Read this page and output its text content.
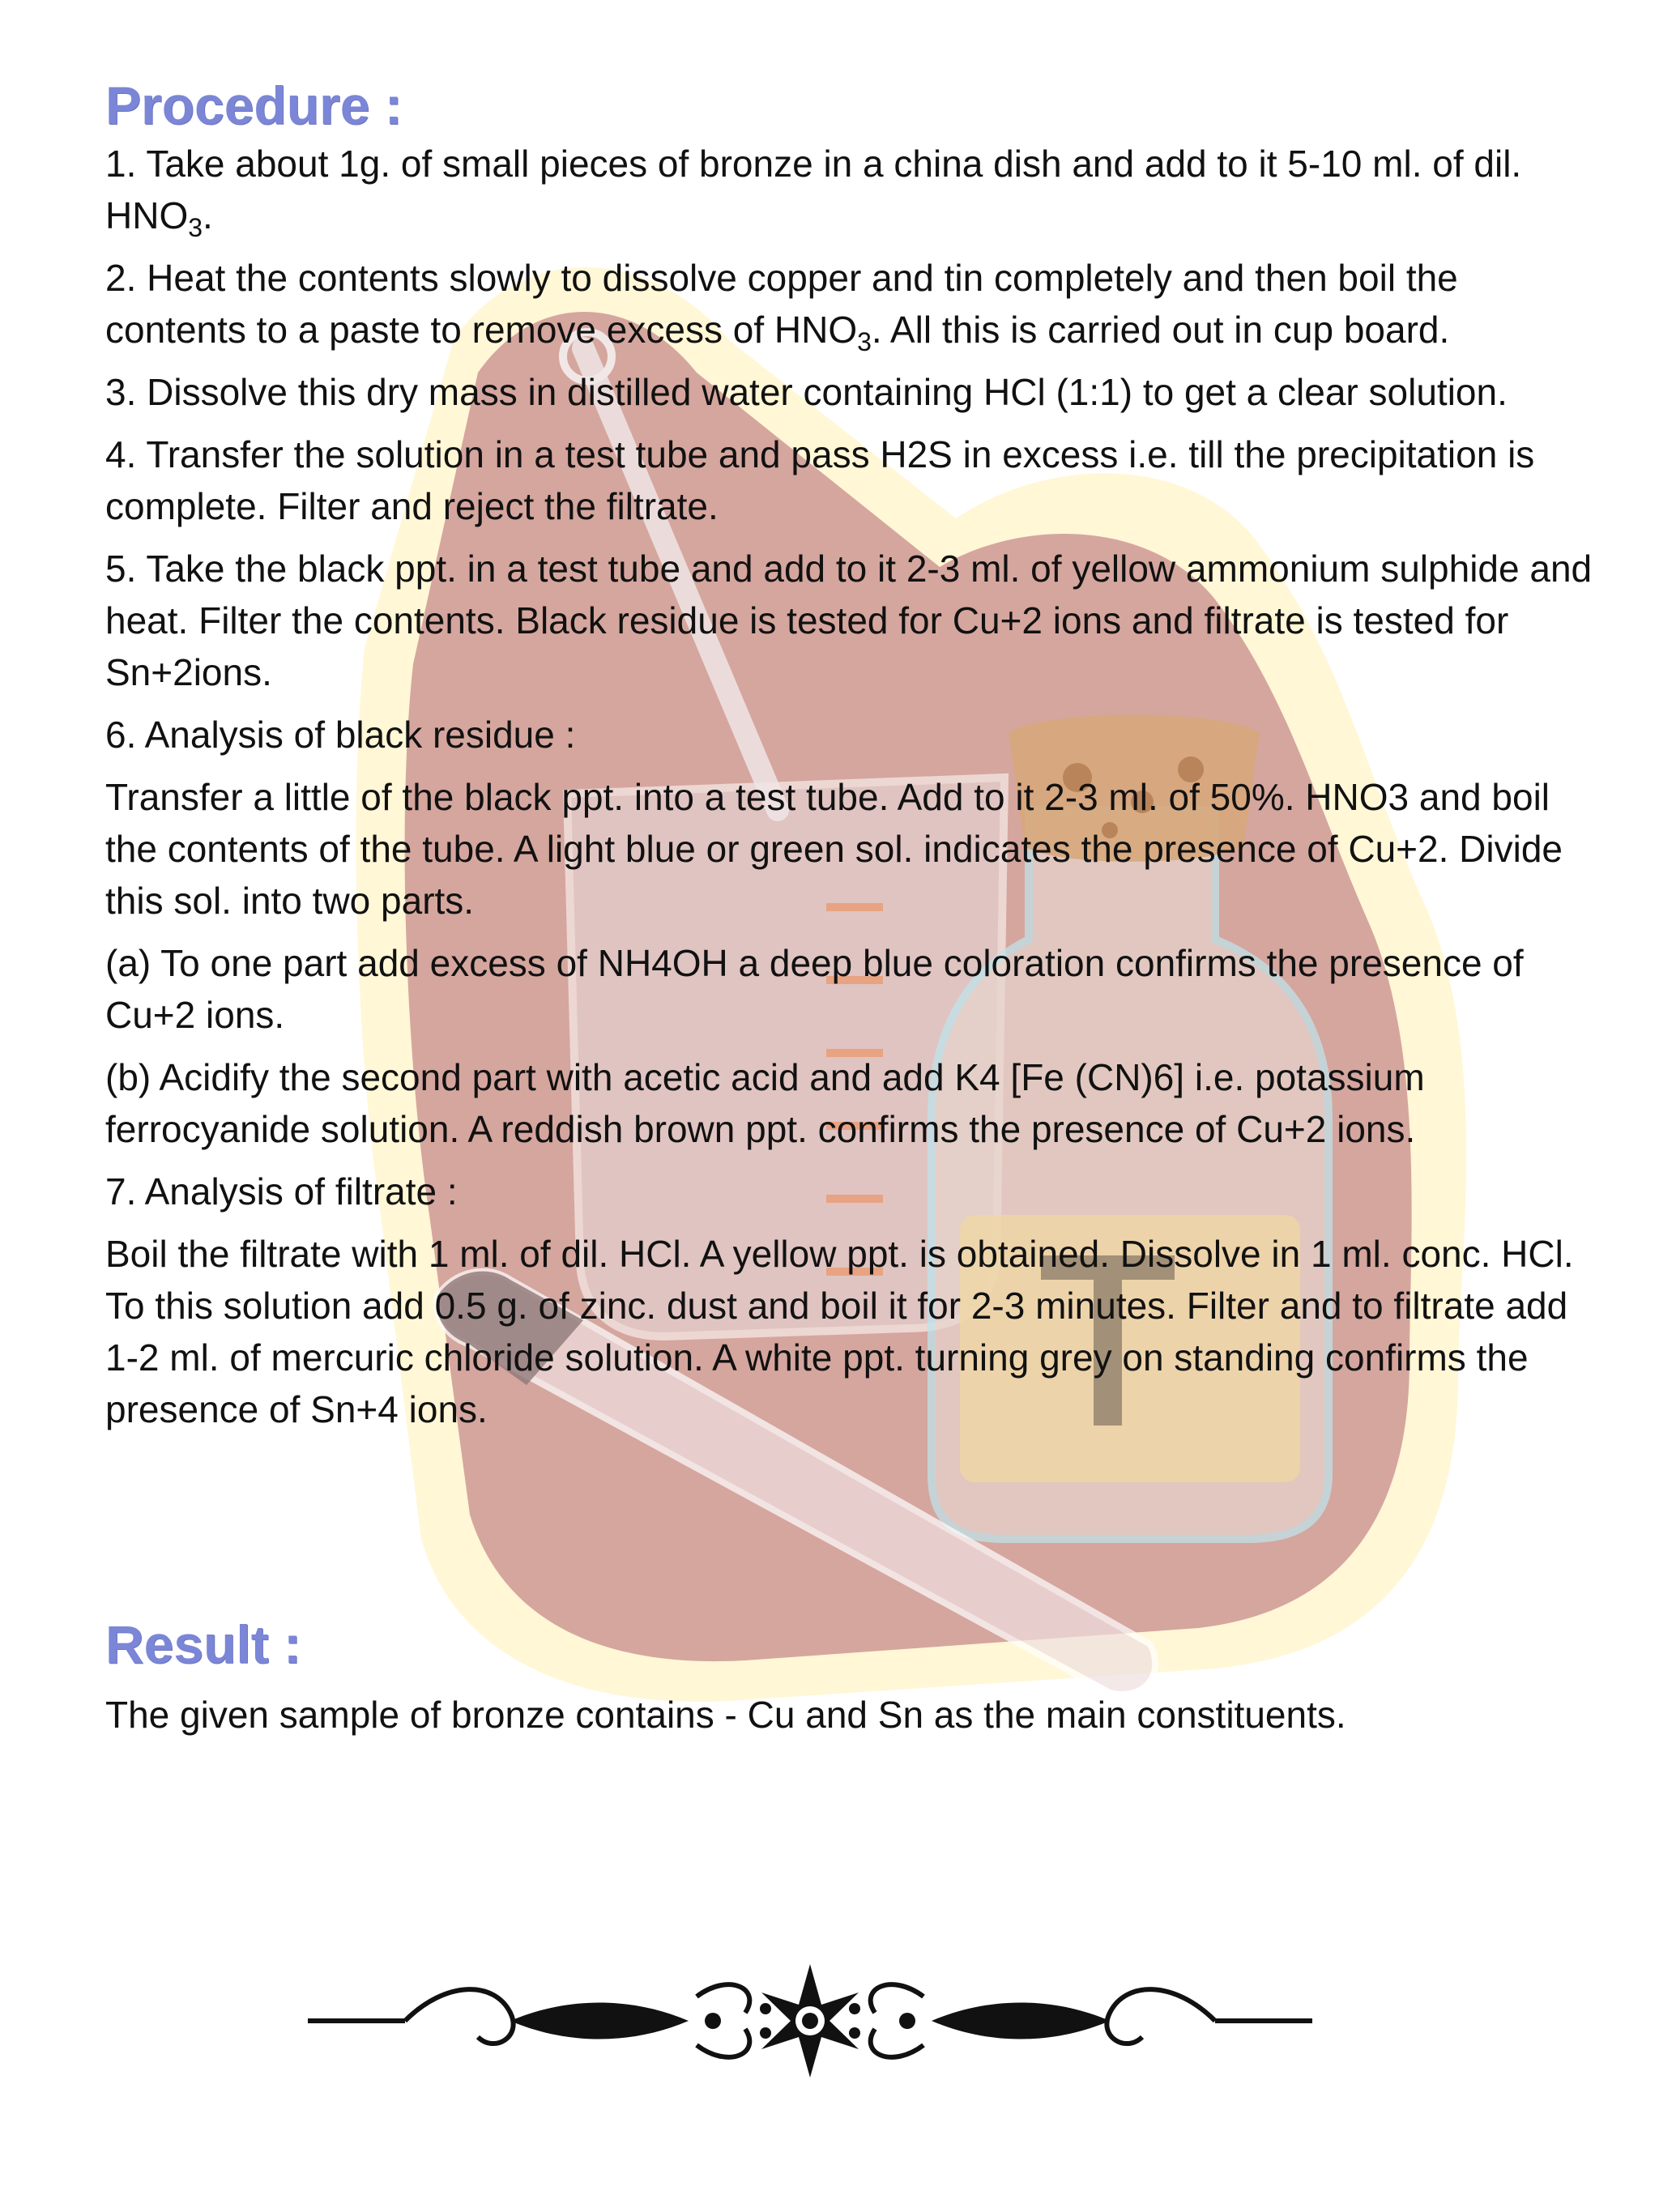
Procedure :

1. Take about 1g. of small pieces of bronze in a china dish and add to it 5-10 ml. of dil. $HNO_3$.

2. Heat the contents slowly to dissolve copper and tin completely and then boil the contents to a paste to remove excess of $HNO_3$. All this is carried out in cup board.

3. Dissolve this dry mass in distilled water containing HCl (1:1) to get a clear solution.

4. Transfer the solution in a test tube and pass H2S in excess i.e. till the precipitation is complete. Filter and reject the filtrate.

5. Take the black ppt. in a test tube and add to it 2-3 ml. of yellow ammonium sulphide and heat. Filter the contents. Black residue is tested for Cu+2 ions and filtrate is tested for Sn+2ions.

6. Analysis of black residue :

Transfer a little of the black ppt. into a test tube. Add to it 2-3 ml. of 50%. HNO3 and boil the contents of the tube. A light blue or green sol. indicates the presence of Cu+2. Divide this sol. into two parts.

(a) To one part add excess of NH4OH a deep blue coloration confirms the presence of Cu+2 ions.

(b) Acidify the second part with acetic acid and add K4 [Fe (CN)6] i.e. potassium ferrocyanide solution. A reddish brown ppt. confirms the presence of Cu+2 ions.

7. Analysis of filtrate :

Boil the filtrate with 1 ml. of dil. HCl. A yellow ppt. is obtained. Dissolve in 1 ml. conc. HCl. To this solution add 0.5 g. of zinc. dust and boil it for 2-3 minutes. Filter and to filtrate add 1-2 ml. of mercuric chloride solution. A white ppt. turning grey on standing confirms the presence of Sn+4 ions.

Result :

The given sample of bronze contains - Cu and Sn as the main constituents.
